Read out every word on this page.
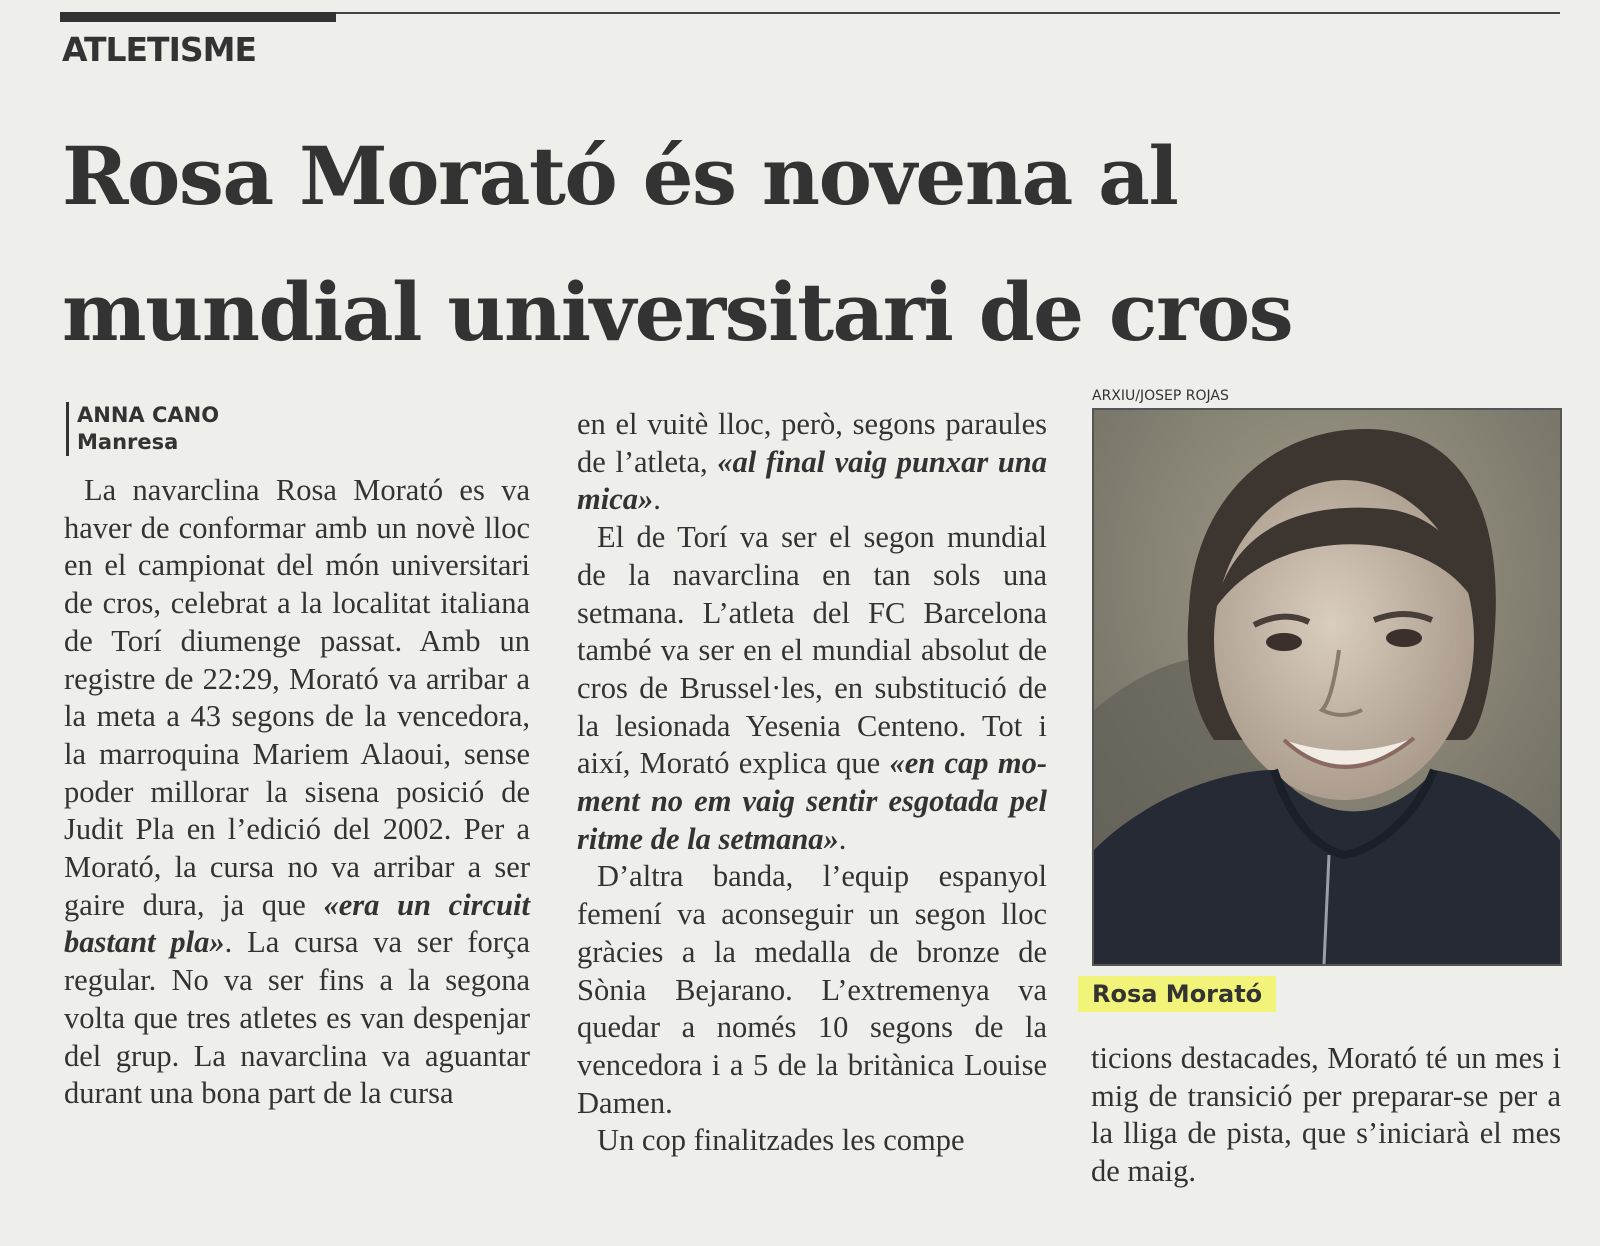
ATLETISME
Rosa Morató és novena al
mundial universitari de cros
ANNA CANO
Manresa

La navarclina Rosa Morató es va haver de conformar amb un novè lloc en el campionat del món universitari de cros, celebrat a la localitat italiana de Torí diumenge passat. Amb un registre de 22:29, Morató va arribar a la meta a 43 segons de la vencedora, la marroquina Mariem Alaoui, sense poder millorar la sisena posició de Judit Pla en l’edició del 2002. Per a Morató, la cursa no va arribar a ser gaire dura, ja que «era un circuit bastant pla». La cursa va ser força regular. No va ser fins a la segona volta que tres atletes es van despenjar del grup. La navarclina va aguantar durant una bona part de la cursa

en el vuitè lloc, però, segons paraules de l’atleta, «al final vaig punxar una mica».

El de Torí va ser el segon mundial de la navarclina en tan sols una setmana. L’atleta del FC Barcelona també va ser en el mundial absolut de cros de Brussel·les, en substitució de la lesionada Yesenia Centeno. Tot i així, Morató explica que «en cap moment no em vaig sentir esgotada pel ritme de la setmana».

D’altra banda, l’equip espanyol femení va aconseguir un segon lloc gràcies a la medalla de bronze de Sònia Bejarano. L’extremenya va quedar a només 10 segons de la vencedora i a 5 de la britànica Louise Damen.

Un cop finalitzades les compe

ARXIU/JOSEP ROJAS
Rosa Morató

ticions destacades, Morató té un mes i mig de transició per preparar-se per a la lliga de pista, que s’iniciarà el mes de maig.
